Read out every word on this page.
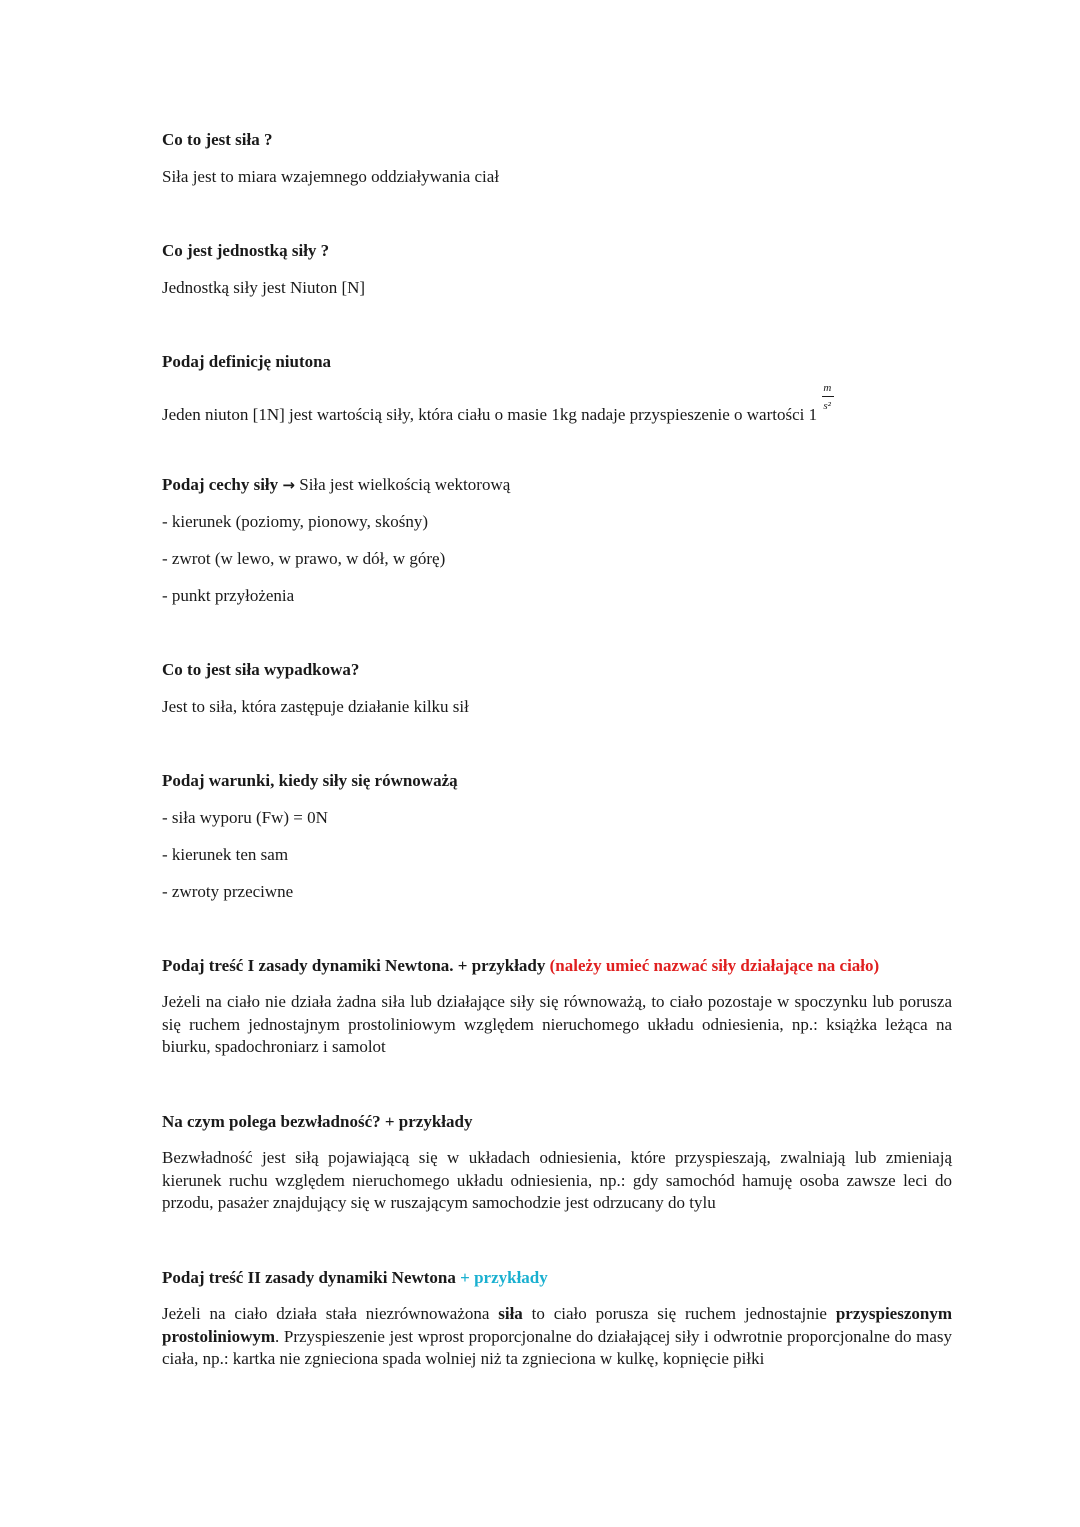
Co to jest siła ?

Siła jest to miara wzajemnego oddziaływania ciał

Co jest jednostką siły ?

Jednostką siły jest Niuton [N]

Podaj definicję niutona

Jeden niuton [1N] jest wartością siły, która ciału o masie 1kg nadaje przyspieszenie o wartości $1 \frac{m}{\text{s²}}$

Podaj cechy siły → Siła jest wielkością wektorową

- kierunek (poziomy, pionowy, skośny)

- zwrot (w lewo, w prawo, w dół, w górę)

- punkt przyłożenia

Co to jest siła wypadkowa?

Jest to siła, która zastępuje działanie kilku sił

Podaj warunki, kiedy siły się równoważą

- siła wyporu (Fw) = 0N

- kierunek ten sam

- zwroty przeciwne

Podaj treść I zasady dynamiki Newtona. + przykłady (należy umieć nazwać siły działające na ciało)

Jeżeli na ciało nie działa żadna siła lub działające siły się równoważą, to ciało pozostaje w spoczynku lub porusza się ruchem jednostajnym prostoliniowym względem nieruchomego układu odniesienia, np.: książka leżąca na biurku, spadochroniarz i samolot

Na czym polega bezwładność? + przykłady

Bezwładność jest siłą pojawiającą się w układach odniesienia, które przyspieszają, zwalniają lub zmieniają kierunek ruchu względem nieruchomego układu odniesienia, np.: gdy samochód hamuję osoba zawsze leci do przodu, pasażer znajdujący się w ruszającym samochodzie jest odrzucany do tylu

Podaj treść II zasady dynamiki Newtona + przykłady

Jeżeli na ciało działa stała niezrównoważona siła to ciało porusza się ruchem jednostajnie przyspieszonym prostoliniowym. Przyspieszenie jest wprost proporcjonalne do działającej siły i odwrotnie proporcjonalne do masy ciała, np.: kartka nie zgnieciona spada wolniej niż ta zgnieciona w kulkę, kopnięcie piłki
